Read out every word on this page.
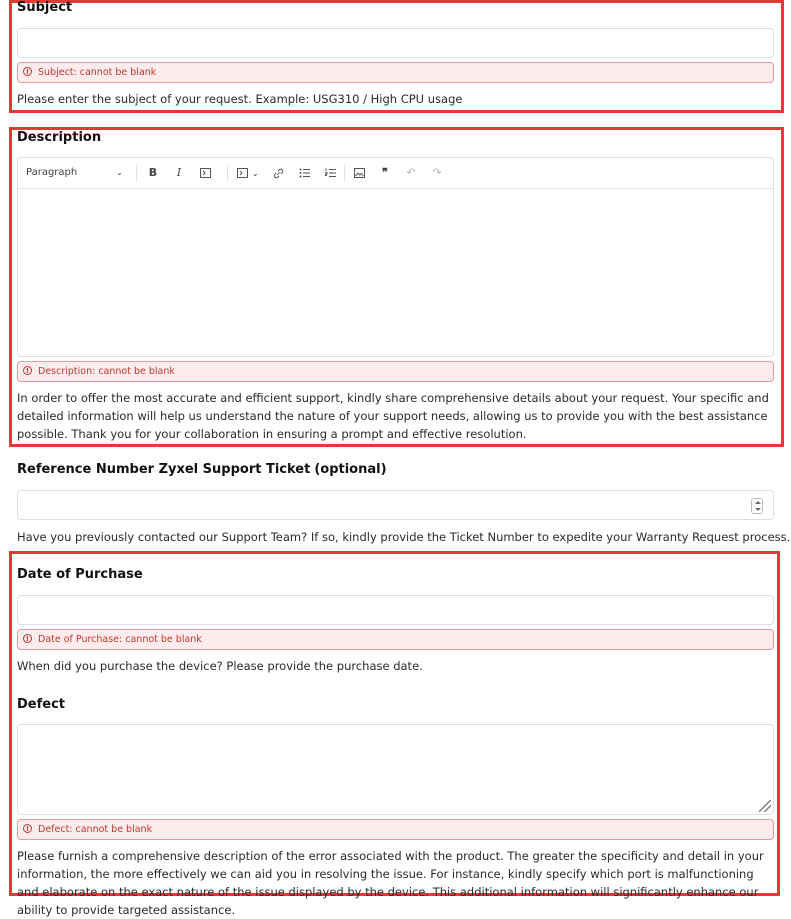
Subject
! Subject: cannot be blank
Please enter the subject of your request. Example: USG310 / High CPU usage
Description
Paragraph	⌄	B	I	⌄	❞	↶	↷
! Description: cannot be blank
In order to offer the most accurate and efficient support, kindly share comprehensive details about your request. Your specific and detailed information will help us understand the nature of your support needs, allowing us to provide you with the best assistance possible. Thank you for your collaboration in ensuring a prompt and effective resolution.
Reference Number Zyxel Support Ticket (optional)
Have you previously contacted our Support Team? If so, kindly provide the Ticket Number to expedite your Warranty Request process.
Date of Purchase
! Date of Purchase: cannot be blank
When did you purchase the device? Please provide the purchase date.
Defect
! Defect: cannot be blank
Please furnish a comprehensive description of the error associated with the product. The greater the specificity and detail in your information, the more effectively we can aid you in resolving the issue. For instance, kindly specify which port is malfunctioning and elaborate on the exact nature of the issue displayed by the device. This additional information will significantly enhance our ability to provide targeted assistance.
